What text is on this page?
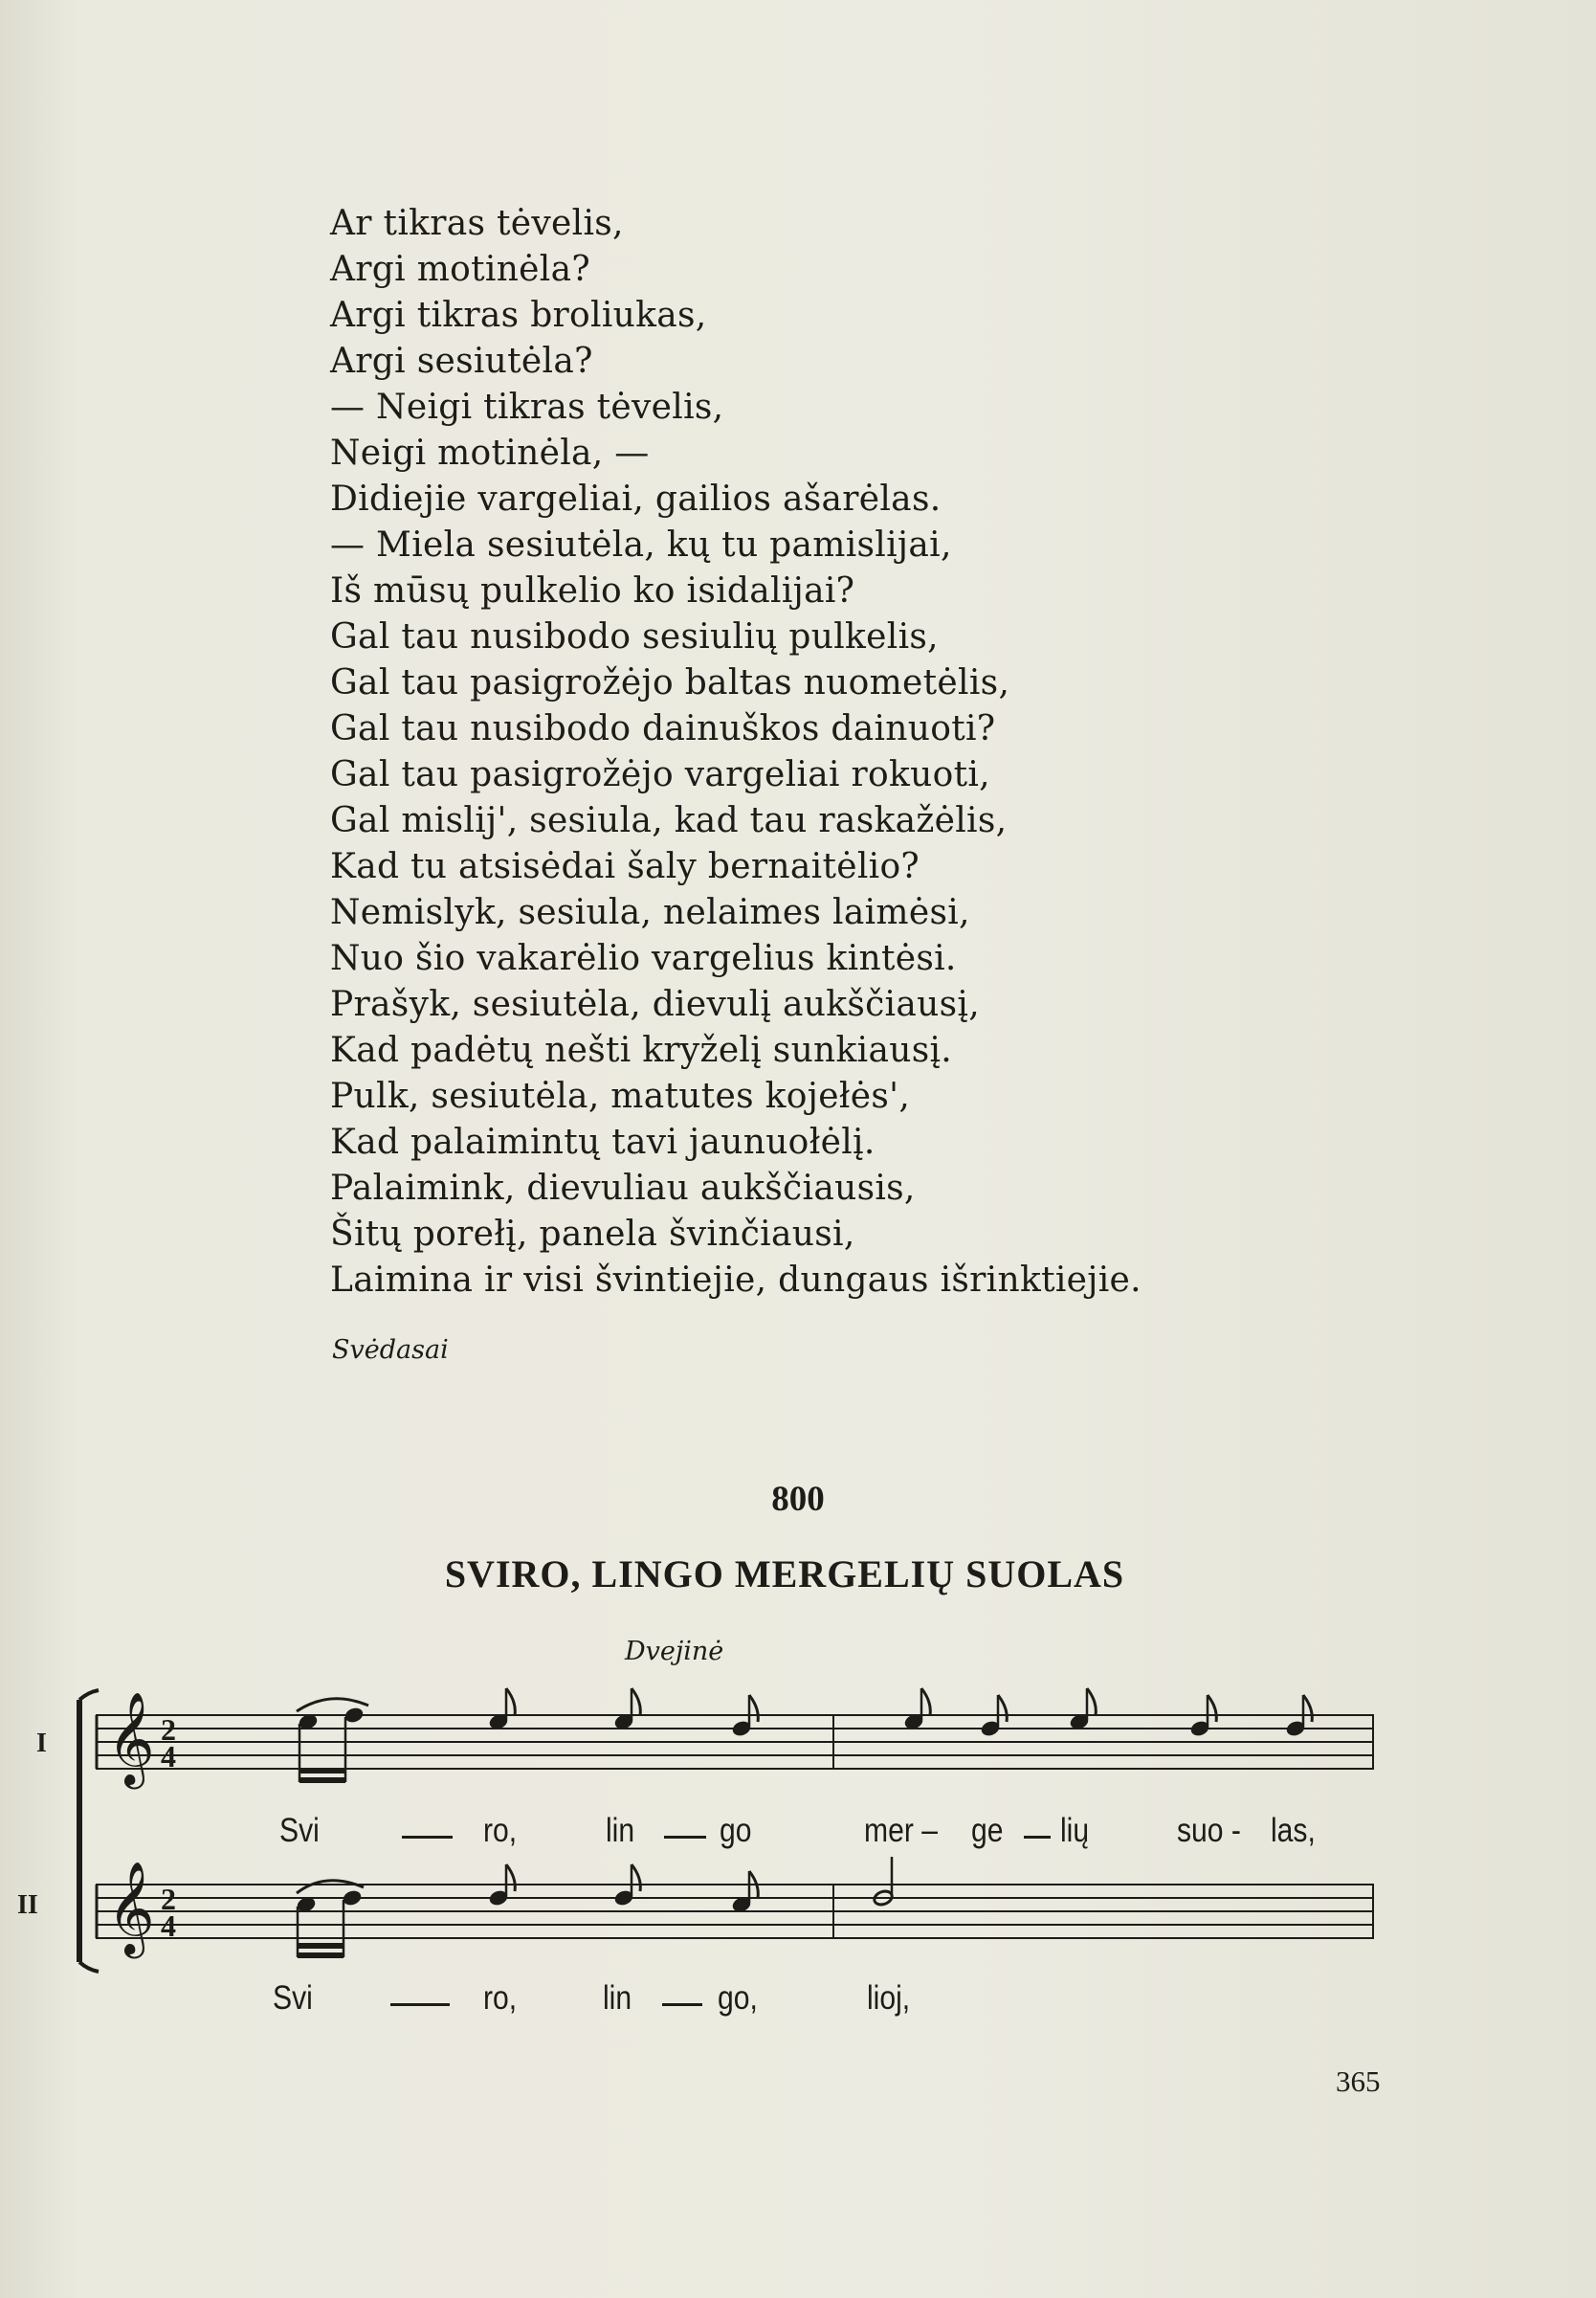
Ar tikras tėvelis,
Argi motinėla?
Argi tikras broliukas,
Argi sesiutėla?
— Neigi tikras tėvelis,
Neigi motinėla, —
Didiejie vargeliai, gailios ašarėlas.
— Miela sesiutėla, kų tu pamislijai,
Iš mūsų pulkelio ko isidalijai?
Gal tau nusibodo sesiulių pulkelis,
Gal tau pasigrožėjo baltas nuometėlis,
Gal tau nusibodo dainuškos dainuoti?
Gal tau pasigrožėjo vargeliai rokuoti,
Gal mislij', sesiula, kad tau raskažėlis,
Kad tu atsisėdai šaly bernaitėlio?
Nemislyk, sesiula, nelaimes laimėsi,
Nuo šio vakarėlio vargelius kintėsi.
Prašyk, sesiutėla, dievulį aukščiausį,
Kad padėtų nešti kryželį sunkiausį.
Pulk, sesiutėla, matutes kojełės',
Kad palaimintų tavi jaunuołėlį.
Palaimink, dievuliau aukščiausis,
Šitų porełį, panela švinčiausi,
Laimina ir visi švintiejie, dungaus išrinktiejie.
Svėdasai
800
SVIRO, LINGO MERGELIŲ SUOLAS
Dvejinė
I
II
𝄞
𝄞
2
4
2
4
Svi	ro,	lin	go	mer – ge lių	suo - las,
Svi	ro,	lin	go,	lioj,
365
